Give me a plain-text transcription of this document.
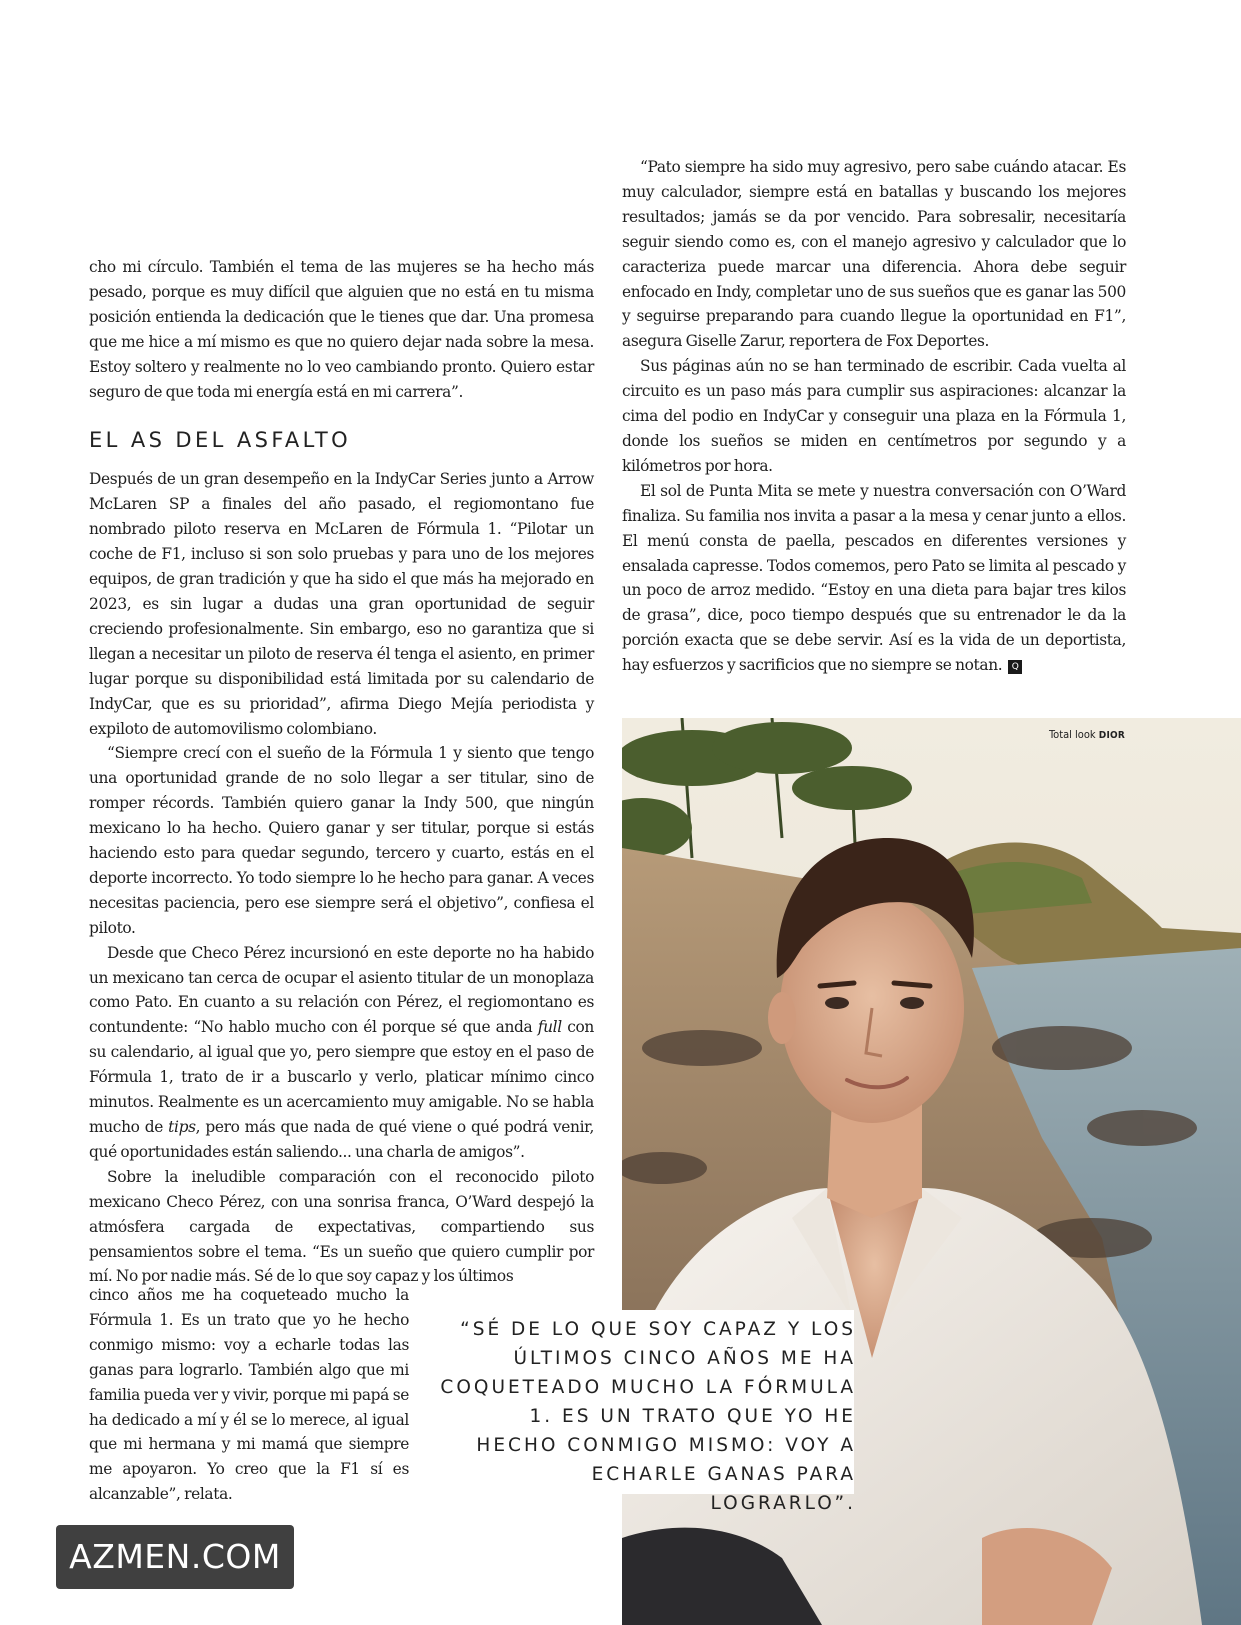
cho mi círculo. También el tema de las mujeres se ha hecho más pesado, porque es muy difícil que alguien que no está en tu misma posición entienda la dedicación que le tienes que dar. Una promesa que me hice a mí mismo es que no quiero dejar nada sobre la mesa. Estoy soltero y realmente no lo veo cambiando pronto. Quiero estar seguro de que toda mi energía está en mi carrera”.

Después de un gran desempeño en la IndyCar Series junto a Arrow McLaren SP a finales del año pasado, el regiomontano fue nombrado piloto reserva en McLaren de Fórmula 1. “Pilotar un coche de F1, incluso si son solo pruebas y para uno de los mejores equipos, de gran tradición y que ha sido el que más ha mejorado en 2023, es sin lugar a dudas una gran oportunidad de seguir creciendo profesionalmente. Sin embargo, eso no garantiza que si llegan a necesitar un piloto de reserva él tenga el asiento, en primer lugar porque su disponibilidad está limitada por su calendario de IndyCar, que es su prioridad”, afirma Diego Mejía periodista y expiloto de automovilismo colombiano.

“Siempre crecí con el sueño de la Fórmula 1 y siento que tengo una oportunidad grande de no solo llegar a ser titular, sino de romper récords. También quiero ganar la Indy 500, que ningún mexicano lo ha hecho. Quiero ganar y ser titular, porque si estás haciendo esto para quedar segundo, tercero y cuarto, estás en el deporte incorrecto. Yo todo siempre lo he hecho para ganar. A veces necesitas paciencia, pero ese siempre será el objetivo”, confiesa el piloto.

Desde que Checo Pérez incursionó en este deporte no ha habido un mexicano tan cerca de ocupar el asiento titular de un monoplaza como Pato. En cuanto a su relación con Pérez, el regiomontano es contundente: “No hablo mucho con él porque sé que anda full con su calendario, al igual que yo, pero siempre que estoy en el paso de Fórmula 1, trato de ir a buscarlo y verlo, platicar mínimo cinco minutos. Realmente es un acercamiento muy amigable. No se habla mucho de tips, pero más que nada de qué viene o qué podrá venir, qué oportunidades están saliendo... una charla de amigos”.

Sobre la ineludible comparación con el reconocido piloto mexicano Checo Pérez, con una sonrisa franca, O’Ward despejó la atmósfera cargada de expectativas, compartiendo sus pensamientos sobre el tema. “Es un sueño que quiero cumplir por mí. No por nadie más. Sé de lo que soy capaz y los últimos

EL AS DEL ASFALTO

cinco años me ha coqueteado mucho la Fórmula 1. Es un trato que yo he hecho conmigo mismo: voy a echarle todas las ganas para lograrlo. También algo que mi familia pueda ver y vivir, porque mi papá se ha dedicado a mí y él se lo merece, al igual que mi hermana y mi mamá que siempre me apoyaron. Yo creo que la F1 sí es alcanzable”, relata.

“Pato siempre ha sido muy agresivo, pero sabe cuándo atacar. Es muy calculador, siempre está en batallas y buscando los mejores resultados; jamás se da por vencido. Para sobresalir, necesitaría seguir siendo como es, con el manejo agresivo y calculador que lo caracteriza puede marcar una diferencia. Ahora debe seguir enfocado en Indy, completar uno de sus sueños que es ganar las 500 y seguirse preparando para cuando llegue la oportunidad en F1”, asegura Giselle Zarur, reportera de Fox Deportes.

Sus páginas aún no se han terminado de escribir. Cada vuelta al circuito es un paso más para cumplir sus aspiraciones: alcanzar la cima del podio en IndyCar y conseguir una plaza en la Fórmula 1, donde los sueños se miden en centímetros por segundo y a kilómetros por hora.

El sol de Punta Mita se mete y nuestra conversación con O’Ward finaliza. Su familia nos invita a pasar a la mesa y cenar junto a ellos. El menú consta de paella, pescados en diferentes versiones y ensalada capresse. Todos comemos, pero Pato se limita al pescado y un poco de arroz medido. “Estoy en una dieta para bajar tres kilos de grasa”, dice, poco tiempo después que su entrenador le da la porción exacta que se debe servir. Así es la vida de un deportista, hay esfuerzos y sacrificios que no siempre se notan. Q

Total look DIOR

“SÉ DE LO QUE SOY CAPAZ Y LOS ÚLTIMOS CINCO AÑOS ME HA COQUETEADO MUCHO LA FÓRMULA 1. ES UN TRATO QUE YO HE HECHO CONMIGO MISMO: VOY A ECHARLE GANAS PARA LOGRARLO”.

AZMEN.COM
